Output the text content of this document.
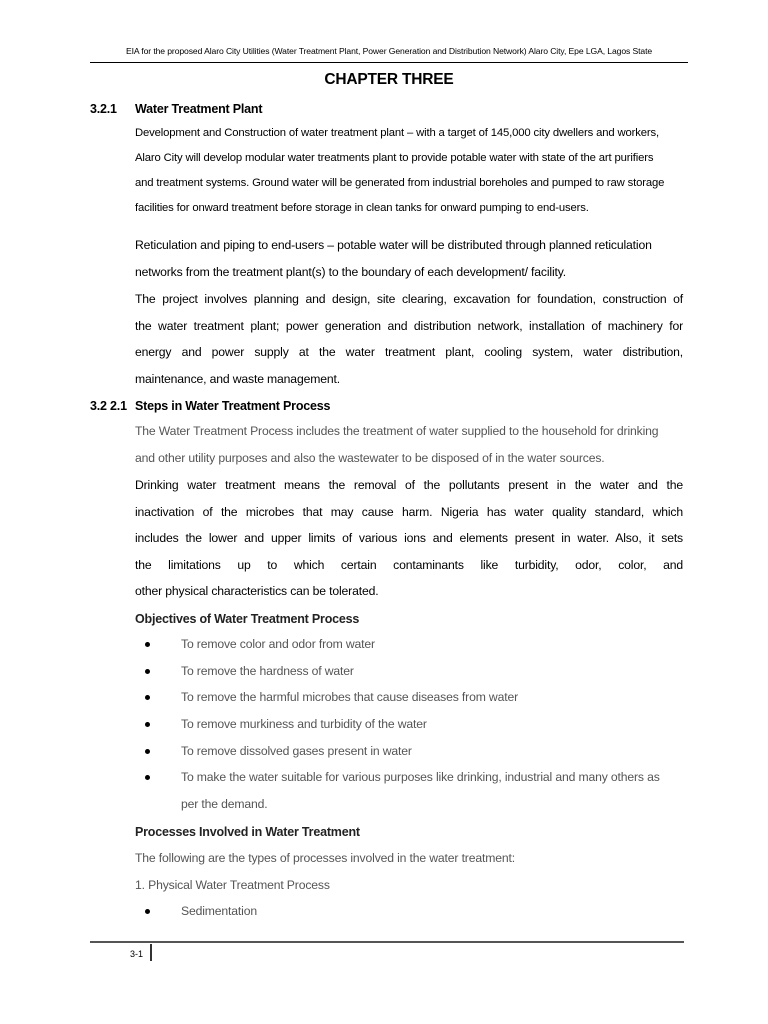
EIA for the proposed Alaro City Utilities (Water Treatment Plant, Power Generation and Distribution Network) Alaro City, Epe LGA, Lagos State
CHAPTER THREE
3.2.1 Water Treatment Plant

Development and Construction of water treatment plant – with a target of 145,000 city dwellers and workers,
Alaro City will develop modular water treatments plant to provide potable water with state of the art purifiers
and treatment systems. Ground water will be generated from industrial boreholes and pumped to raw storage
facilities for onward treatment before storage in clean tanks for onward pumping to end-users.

Reticulation and piping to end-users – potable water will be distributed through planned reticulation
networks from the treatment plant(s) to the boundary of each development/ facility.

The project involves planning and design, site clearing, excavation for foundation, construction of
the water treatment plant; power generation and distribution network, installation of machinery for
energy and power supply at the water treatment plant, cooling system, water distribution,
maintenance, and waste management.

3.2 2.1 Steps in Water Treatment Process

The Water Treatment Process includes the treatment of water supplied to the household for drinking
and other utility purposes and also the wastewater to be disposed of in the water sources.

Drinking water treatment means the removal of the pollutants present in the water and the
inactivation of the microbes that may cause harm. Nigeria has water quality standard, which
includes the lower and upper limits of various ions and elements present in water. Also, it sets
the limitations up to which certain contaminants like turbidity, odor, color, and
other physical characteristics can be tolerated.

Objectives of Water Treatment Process
To remove color and odor from water
To remove the hardness of water
To remove the harmful microbes that cause diseases from water
To remove murkiness and turbidity of the water
To remove dissolved gases present in water
To make the water suitable for various purposes like drinking, industrial and many others as
per the demand.
Processes Involved in Water Treatment

The following are the types of processes involved in the water treatment:
1. Physical Water Treatment Process

Sedimentation
3-1
